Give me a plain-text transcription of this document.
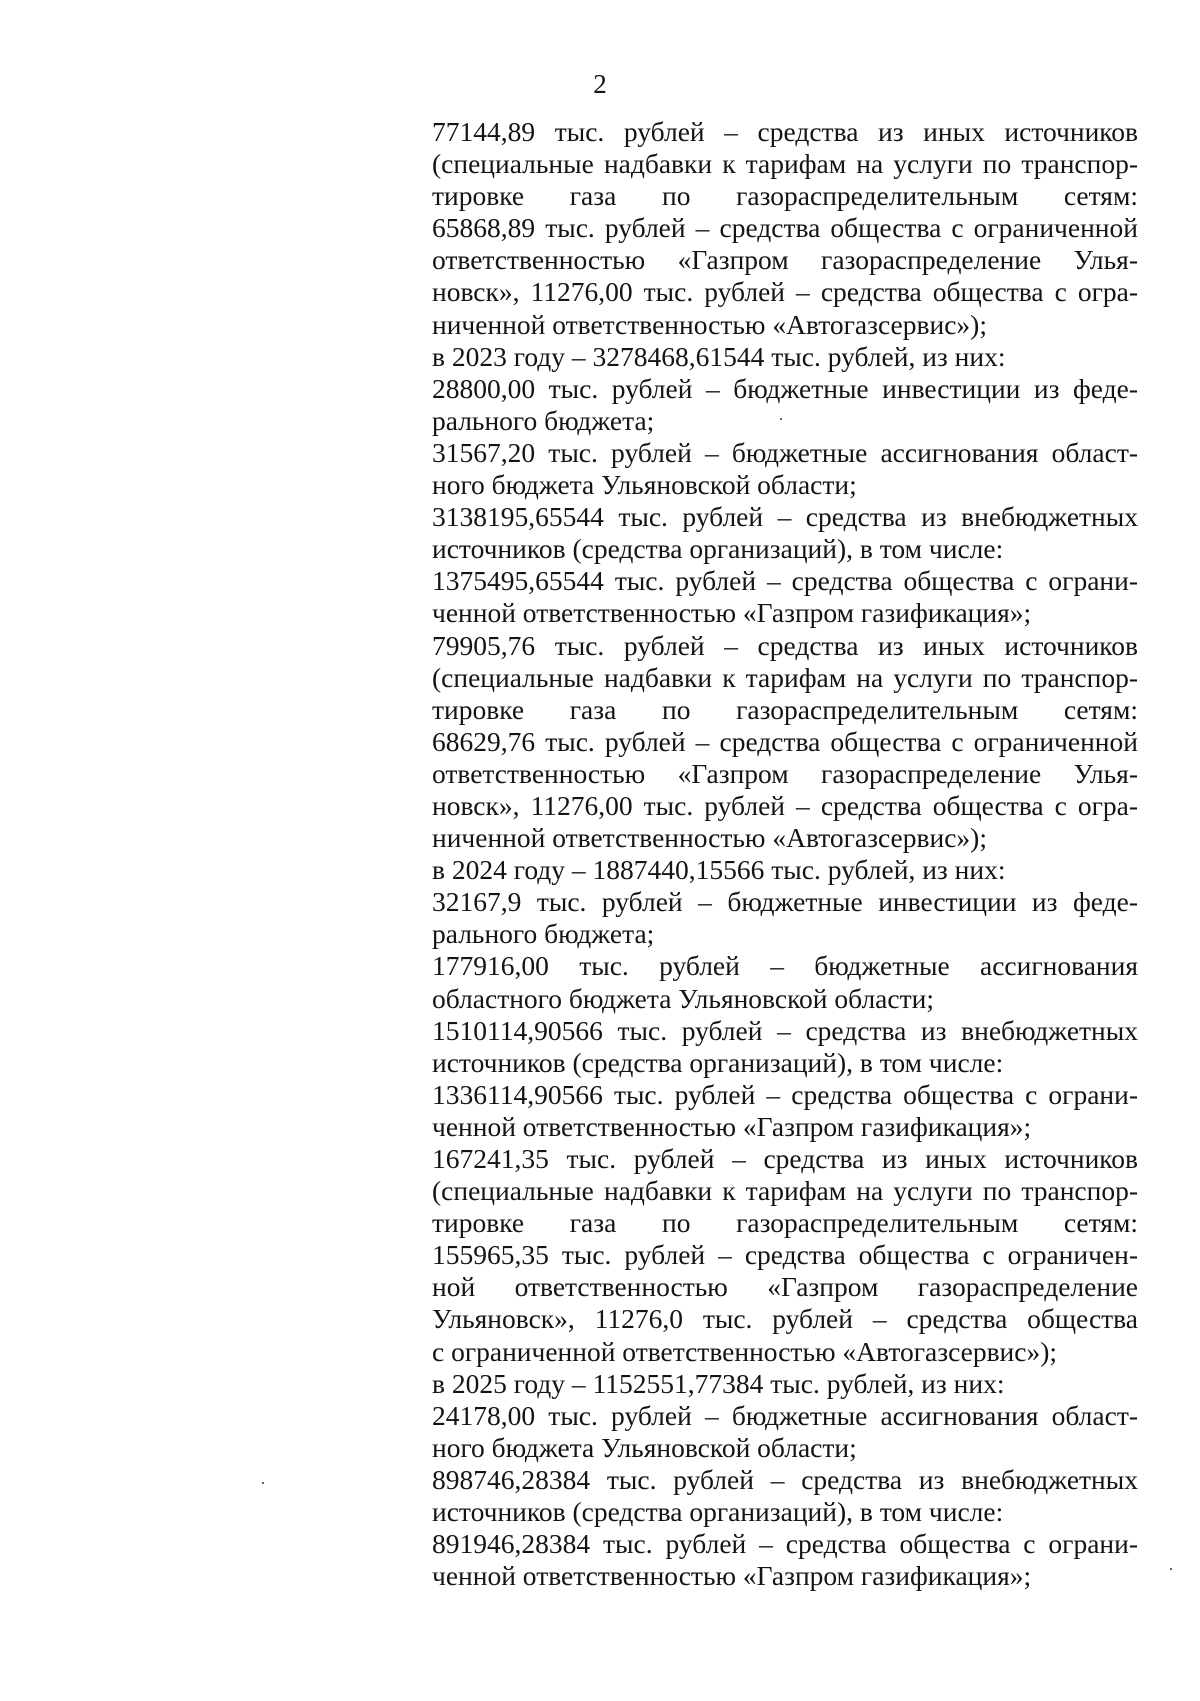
2
77144,89 тыс. рублей – средства из иных источников
(специальные надбавки к тарифам на услуги по транспор-
тировке газа по газораспределительным сетям:
65868,89 тыс. рублей – средства общества с ограниченной
ответственностью «Газпром газораспределение Улья-
новск», 11276,00 тыс. рублей – средства общества с огра-
ниченной ответственностью «Автогазсервис»);
в 2023 году – 3278468,61544 тыс. рублей, из них:
28800,00 тыс. рублей – бюджетные инвестиции из феде-
рального бюджета;
31567,20 тыс. рублей – бюджетные ассигнования област-
ного бюджета Ульяновской области;
3138195,65544 тыс. рублей – средства из внебюджетных
источников (средства организаций), в том числе:
1375495,65544 тыс. рублей – средства общества с ограни-
ченной ответственностью «Газпром газификация»;
79905,76 тыс. рублей – средства из иных источников
(специальные надбавки к тарифам на услуги по транспор-
тировке газа по газораспределительным сетям:
68629,76 тыс. рублей – средства общества с ограниченной
ответственностью «Газпром газораспределение Улья-
новск», 11276,00 тыс. рублей – средства общества с огра-
ниченной ответственностью «Автогазсервис»);
в 2024 году – 1887440,15566 тыс. рублей, из них:
32167,9 тыс. рублей – бюджетные инвестиции из феде-
рального бюджета;
177916,00 тыс. рублей – бюджетные ассигнования
областного бюджета Ульяновской области;
1510114,90566 тыс. рублей – средства из внебюджетных
источников (средства организаций), в том числе:
1336114,90566 тыс. рублей – средства общества с ограни-
ченной ответственностью «Газпром газификация»;
167241,35 тыс. рублей – средства из иных источников
(специальные надбавки к тарифам на услуги по транспор-
тировке газа по газораспределительным сетям:
155965,35 тыс. рублей – средства общества с ограничен-
ной ответственностью «Газпром газораспределение
Ульяновск», 11276,0 тыс. рублей – средства общества
с ограниченной ответственностью «Автогазсервис»);
в 2025 году – 1152551,77384 тыс. рублей, из них:
24178,00 тыс. рублей – бюджетные ассигнования област-
ного бюджета Ульяновской области;
898746,28384 тыс. рублей – средства из внебюджетных
источников (средства организаций), в том числе:
891946,28384 тыс. рублей – средства общества с ограни-
ченной ответственностью «Газпром газификация»;
